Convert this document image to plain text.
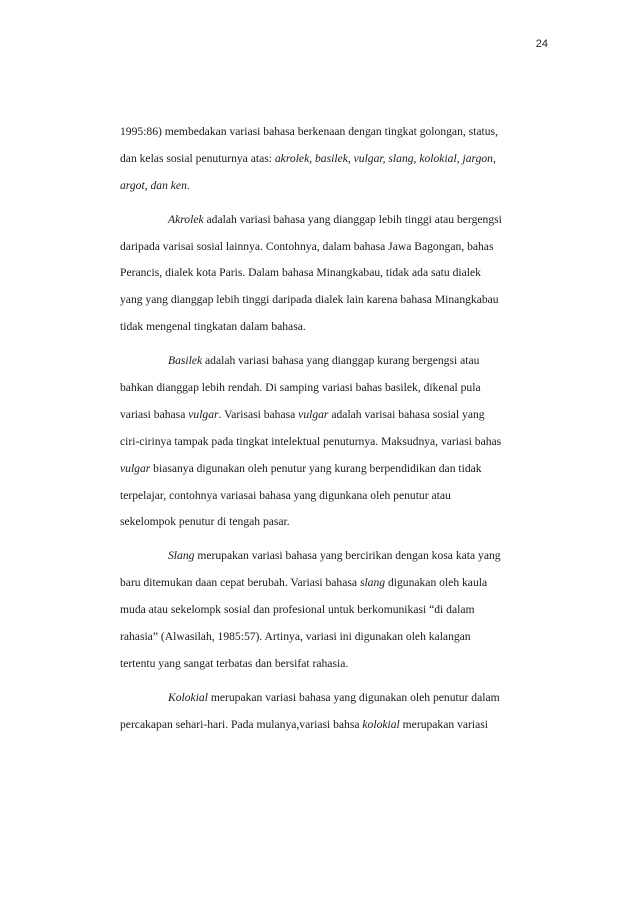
24
1995:86) membedakan variasi bahasa berkenaan dengan tingkat golongan, status,
dan kelas sosial penuturnya atas: akrolek, basilek, vulgar, slang, kolokial, jargon,
argot, dan ken.
Akrolek adalah variasi bahasa yang dianggap lebih tinggi atau bergengsi
daripada varisai sosial lainnya. Contohnya, dalam bahasa Jawa Bagongan, bahas
Perancis, dialek kota Paris. Dalam bahasa Minangkabau, tidak ada satu dialek
yang yang dianggap lebih tinggi daripada dialek lain karena bahasa Minangkabau
tidak mengenal tingkatan dalam bahasa.
Basilek adalah variasi bahasa yang dianggap kurang bergengsi atau
bahkan dianggap lebih rendah. Di samping variasi bahas basilek, dikenal pula
variasi bahasa vulgar. Varisasi bahasa vulgar adalah varisai bahasa sosial yang
ciri-cirinya tampak pada tingkat intelektual penuturnya. Maksudnya, variasi bahas
vulgar biasanya digunakan oleh penutur yang kurang berpendidikan dan tidak
terpelajar, contohnya variasai bahasa yang digunkana oleh penutur atau
sekelompok penutur di tengah pasar.
Slang merupakan variasi bahasa yang bercirikan dengan kosa kata yang
baru ditemukan daan cepat berubah. Variasi bahasa slang digunakan oleh kaula
muda atau sekelompk sosial dan profesional untuk berkomunikasi “di dalam
rahasia” (Alwasilah, 1985:57). Artinya, variasi ini digunakan oleh kalangan
tertentu yang sangat terbatas dan bersifat rahasia.
Kolokial merupakan variasi bahasa yang digunakan oleh penutur dalam
percakapan sehari-hari. Pada mulanya,variasi bahsa kolokial merupakan variasi
